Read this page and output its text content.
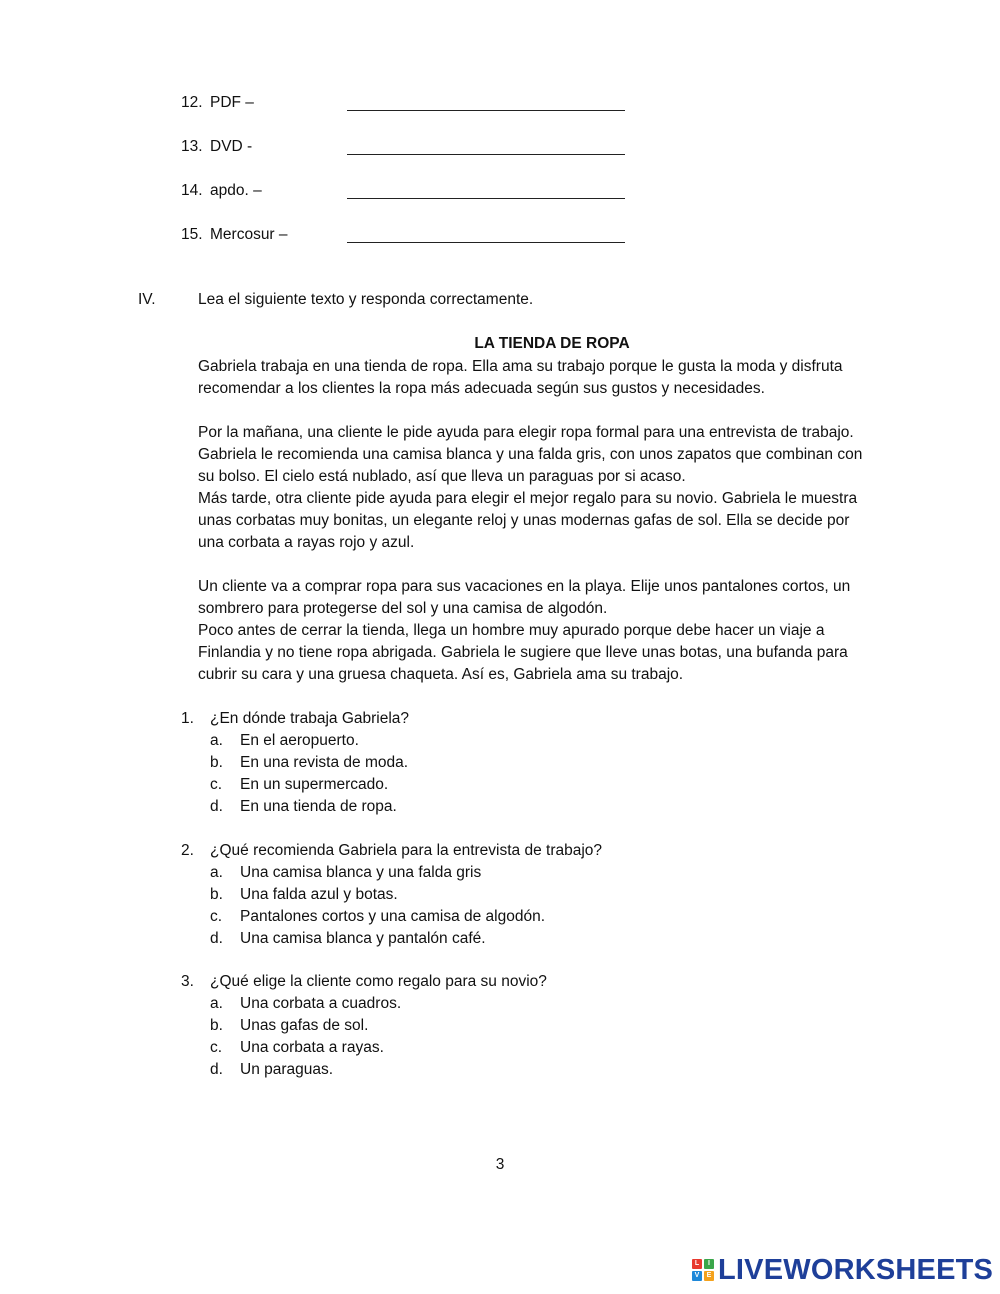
12. PDF –
13. DVD -
14. apdo. –
15. Mercosur –
IV.	Lea el siguiente texto y responda correctamente.
LA TIENDA DE ROPA

Gabriela trabaja en una tienda de ropa. Ella ama su trabajo porque le gusta la moda y disfruta
recomendar a los clientes la ropa más adecuada según sus gustos y necesidades.

Por la mañana, una cliente le pide ayuda para elegir ropa formal para una entrevista de trabajo.
Gabriela le recomienda una camisa blanca y una falda gris, con unos zapatos que combinan con
su bolso. El cielo está nublado, así que lleva un paraguas por si acaso.
Más tarde, otra cliente pide ayuda para elegir el mejor regalo para su novio. Gabriela le muestra
unas corbatas muy bonitas, un elegante reloj y unas modernas gafas de sol. Ella se decide por
una corbata a rayas rojo y azul.

Un cliente va a comprar ropa para sus vacaciones en la playa. Elije unos pantalones cortos, un
sombrero para protegerse del sol y una camisa de algodón.
Poco antes de cerrar la tienda, llega un hombre muy apurado porque debe hacer un viaje a
Finlandia y no tiene ropa abrigada. Gabriela le sugiere que lleve unas botas, una bufanda para
cubrir su cara y una gruesa chaqueta. Así es, Gabriela ama su trabajo.

1. ¿En dónde trabaja Gabriela?
a. En el aeropuerto.
b. En una revista de moda.
c. En un supermercado.
d. En una tienda de ropa.
2. ¿Qué recomienda Gabriela para la entrevista de trabajo?
a. Una camisa blanca y una falda gris
b. Una falda azul y botas.
c. Pantalones cortos y una camisa de algodón.
d. Una camisa blanca y pantalón café.
3. ¿Qué elige la cliente como regalo para su novio?
a. Una corbata a cuadros.
b. Unas gafas de sol.
c. Una corbata a rayas.
d. Un paraguas.
3
L	I
V	E LIVEWORKSHEETS
